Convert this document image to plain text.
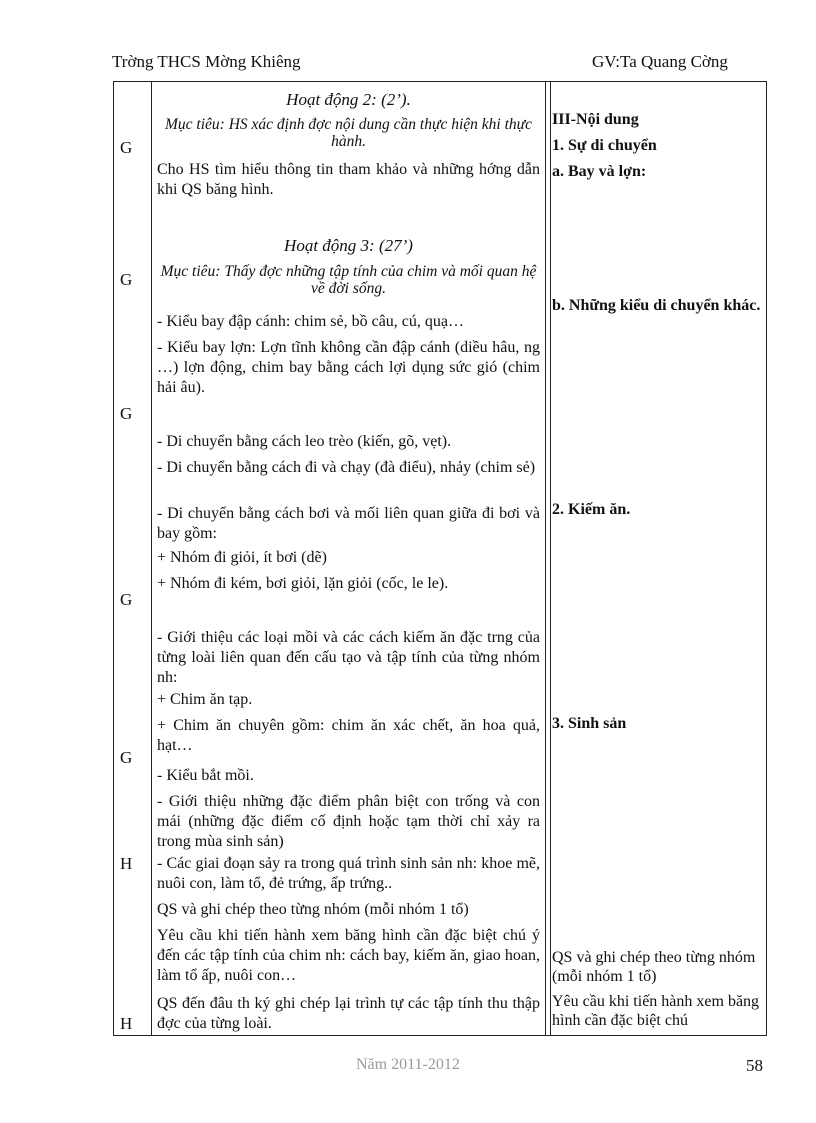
Trờng THCS Mờng Khiêng	GV:Ta Quang Cờng
G
G
G
G
G
H
H
Hoạt động 2: (2’).
Mục tiêu: HS xác định đợc nội dung cần thực hiện khi thực hành.
Cho HS tìm hiểu thông tin tham khảo và những hớng dẫn khi QS băng hình.
Hoạt động 3: (27’)
Mục tiêu: Thấy đợc những tập tính của chim và mối quan hệ về đời sống.
- Kiểu bay đập cánh: chim sẻ, bồ câu, cú, quạ…
- Kiểu bay lợn: Lợn tĩnh không cần đập cánh (diều hâu, ng …) lợn động, chim bay bằng cách lợi dụng sức gió (chim hải âu).
- Di chuyển bằng cách leo trèo (kiến, gõ, vẹt).
- Di chuyển bằng cách đi và chạy (đà điểu), nhảy (chim sẻ)
- Di chuyển bằng cách bơi và mối liên quan giữa đi bơi và bay gồm:
+ Nhóm đi giỏi, ít bơi (dẽ)
+ Nhóm đi kém, bơi giỏi, lặn giỏi (cốc, le le).
- Giới thiệu các loại mồi và các cách kiếm ăn đặc trng của từng loài liên quan đến cấu tạo và tập tính của từng nhóm nh:
+ Chim ăn tạp.
+ Chim ăn chuyên gồm: chim ăn xác chết, ăn hoa quả, hạt…
- Kiểu bắt mồi.
- Giới thiệu những đặc điểm phân biệt con trống và con mái (những đặc điểm cố định hoặc tạm thời chỉ xảy ra trong mùa sinh sản)
- Các giai đoạn sảy ra trong quá trình sinh sản nh: khoe mẽ, nuôi con, làm tổ, đẻ trứng, ấp trứng..
QS và ghi chép theo từng nhóm (mỗi nhóm 1 tổ)
Yêu cầu khi tiến hành xem băng hình cần đặc biệt chú ý đến các tập tính của chim nh: cách bay, kiếm ăn, giao hoan, làm tổ ấp, nuôi con…
QS đến đâu th ký ghi chép lại trình tự các tập tính thu thập đợc của từng loài.
III-Nội dung
1. Sự di chuyển
a. Bay và lợn:
b. Những kiểu di chuyển khác.
2. Kiếm ăn.
3. Sinh sản
QS và ghi chép theo từng nhóm (mỗi nhóm 1 tổ)
Yêu cầu khi tiến hành xem băng hình cần đặc biệt chú
Năm 2011-2012	58
